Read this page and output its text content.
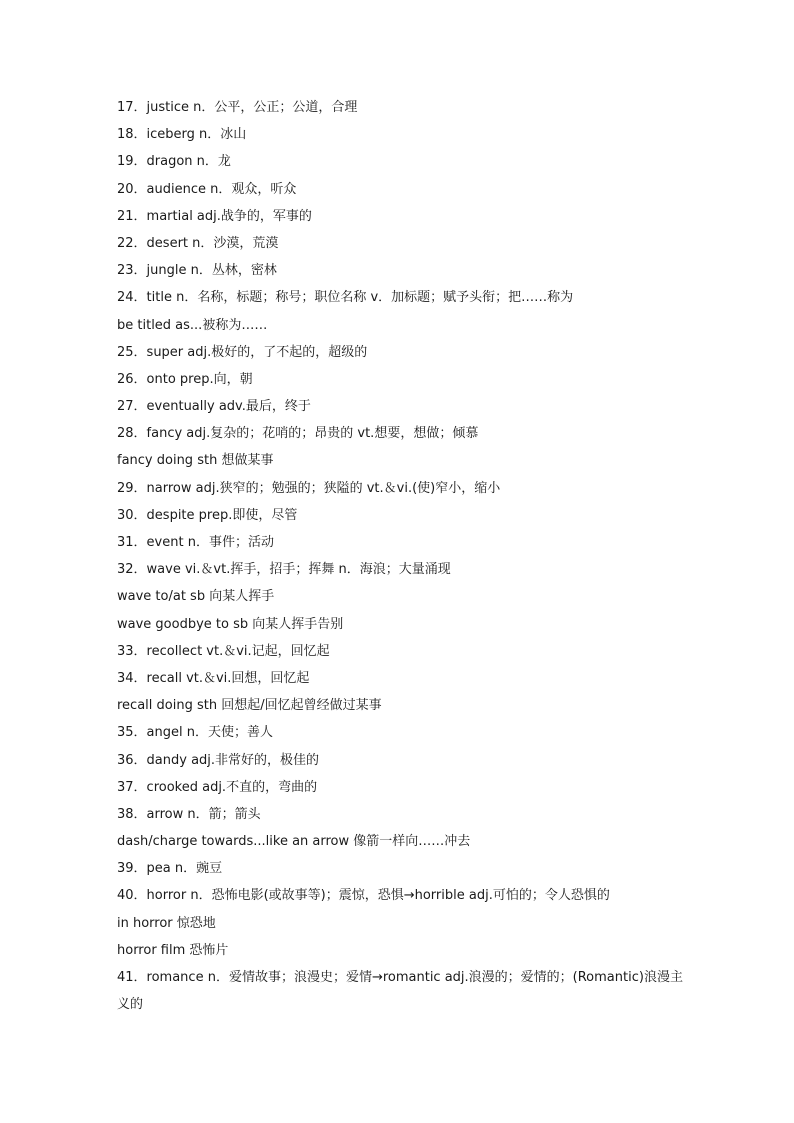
17．justice n．公平，公正；公道，合理
18．iceberg n．冰山
19．dragon n．龙
20．audience n．观众，听众
21．martial adj.战争的，军事的
22．desert n．沙漠，荒漠
23．jungle n．丛林，密林
24．title n．名称，标题；称号；职位名称 v．加标题；赋予头衔；把……称为
be titled as...被称为……
25．super adj.极好的，了不起的，超级的
26．onto prep.向，朝
27．eventually adv.最后，终于
28．fancy adj.复杂的；花哨的；昂贵的 vt.想要，想做；倾慕
fancy doing sth 想做某事
29．narrow adj.狭窄的；勉强的；狭隘的 vt.＆vi.(使)窄小，缩小
30．despite prep.即使，尽管
31．event n．事件；活动
32．wave vi.＆vt.挥手，招手；挥舞 n．海浪；大量涌现
wave to/at sb 向某人挥手
wave goodbye to sb 向某人挥手告别
33．recollect vt.＆vi.记起，回忆起
34．recall vt.＆vi.回想，回忆起
recall doing sth 回想起/回忆起曾经做过某事
35．angel n．天使；善人
36．dandy adj.非常好的，极佳的
37．crooked adj.不直的，弯曲的
38．arrow n．箭；箭头
dash/charge towards...like an arrow 像箭一样向……冲去
39．pea n．豌豆
40．horror n．恐怖电影(或故事等)；震惊，恐惧→horrible adj.可怕的；令人恐惧的
in horror 惊恐地
horror film 恐怖片
41．romance n．爱情故事；浪漫史；爱情→romantic adj.浪漫的；爱情的；(Romantic)浪漫主
义的
